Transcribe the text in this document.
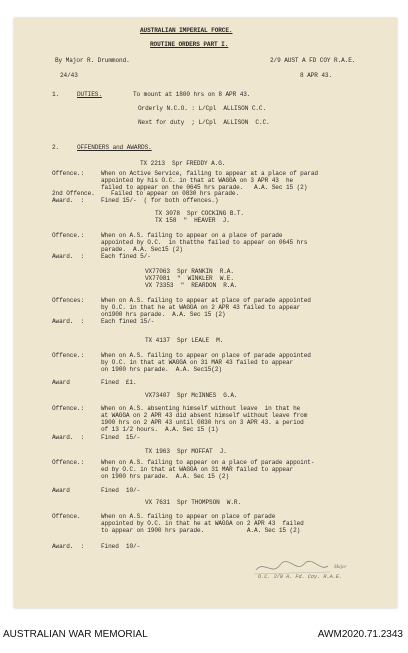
AUSTRALIAN IMPERIAL FORCE.
ROUTINE ORDERS PART I.
By Major R. Drummond.	2/9 AUST A FD COY R.A.E.
24/43	8 APR 43.
1.	DUTIES.	To mount at 1800 hrs on 8 APR 43.
Orderly N.C.O. : L/Cpl  ALLISON C.C.
Next for duty  ; L/Cpl  ALLISON  C.C.
2.	OFFENDERS and AWARDS.
TX 2213  Spr FREDDY A.G.
Offence.:	When on Active Service, failing to appear at a place of parad
appointed by his O.C. in that at WAGGA on 3 APR 43  he
failed to appear on the 0645 hrs parade.   A.A. Sec 15 (2)
2nd Offence.	Failed to appear on 0830 hrs parade.
Award.  :	Fined 15/-  ( for both offences.)
TX 3078  Spr COCKING B.T.
TX 158  "  HEAVER  J.
Offence.:	When on A.S. failing to appear on a place of parade
appointed by O.C.  in thatthe failed to appear on 0645 hrs
parade.  A.A. Sec15 (2)
Award.  :	Each fined 5/-
VX77063  Spr RANKIN  R.A.
VX77081  "  WINKLER  W.E.
VX 73353  "  REARDON  R.A.
Offences:	When on A.S. failing to appear at place of parade appointed
by O.C. in that he at WAGGA on 2 APR 43 failed to appear
on1900 hrs parade.  A.A. Sec 15 (2)
Award.  :	Each fined 15/-
TX 4137  Spr LEALE  M.
Offence.:	When on A.S. failing to appear on place of parade appointed
by O.C. in that at WAGGA on 31 MAR 43 failed to appear
on 1900 hrs parade.  A.A. Sec15(2)
Award	Fined  £1.
VX73407  Spr McINNES  G.A.
Offence.:	When on A.S. absenting himself without leave  in that he
at WAGGA on 2 APR 43 did absent himself without leave from
1900 hrs on 2 APR 43 until 0830 hrs on 3 APR 43. a period
of 13 1/2 hours.  A.A. Sec 15 (1)
Award.  :	Fined  15/-
TX 1963  Spr MOFFAT  J.
Offence.:	When on A.S. failing to appear on a place of parade appoint-
ed by O.C. in that at WAGGA on 31 MAR failed to appear
on 1900 hrs parade.  A.A. Sec 15 (2)
Award	Fined  10/-
VX 7631  Spr THOMPSON  W.R.
Offence.	When on A.S. failing to appear on place of parade
appointed by O.C. in that he at WAGGA on 2 APR 43  failed
to appear on 1900 hrs parade.            A.A. Sec 15 (2)
Award.  :	Fined  10/-
Major
O.C. 2/9 A. Fd. Coy. R.A.E.
AUSTRALIAN WAR MEMORIAL	AWM2020.71.2343
